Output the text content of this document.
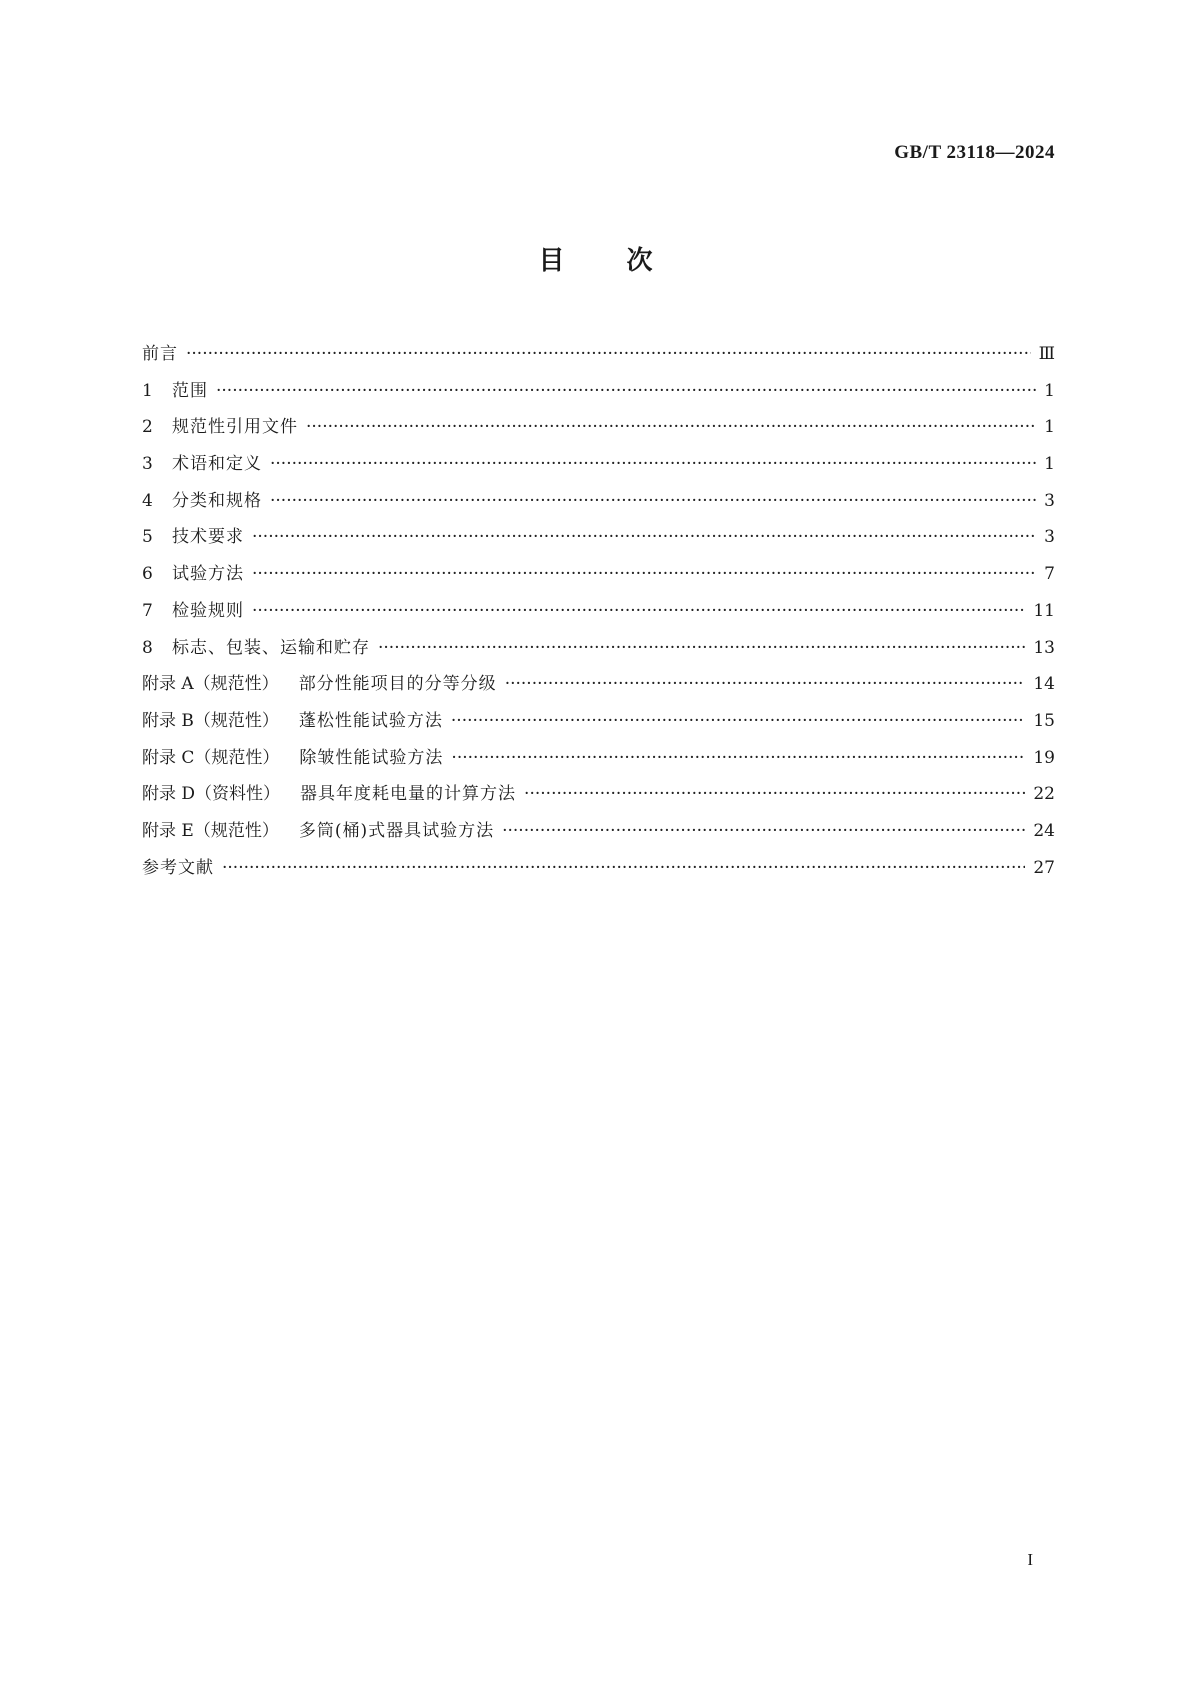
GB/T 23118—2024
目次
前言 ·····	Ⅲ
1	范围 ·····	1
2	规范性引用文件 ·····	1
3	术语和定义 ·····	1
4	分类和规格 ·····	3
5	技术要求 ·····	3
6	试验方法 ·····	7
7	检验规则 ·····	11
8	标志、包装、运输和贮存 ·····	13
附录 A（规范性） 部分性能项目的分等分级 ·····	14
附录 B（规范性） 蓬松性能试验方法 ·····	15
附录 C（规范性） 除皱性能试验方法 ·····	19
附录 D（资料性） 器具年度耗电量的计算方法 ·····	22
附录 E（规范性） 多筒(桶)式器具试验方法 ·····	24
参考文献 ·····	27
I
